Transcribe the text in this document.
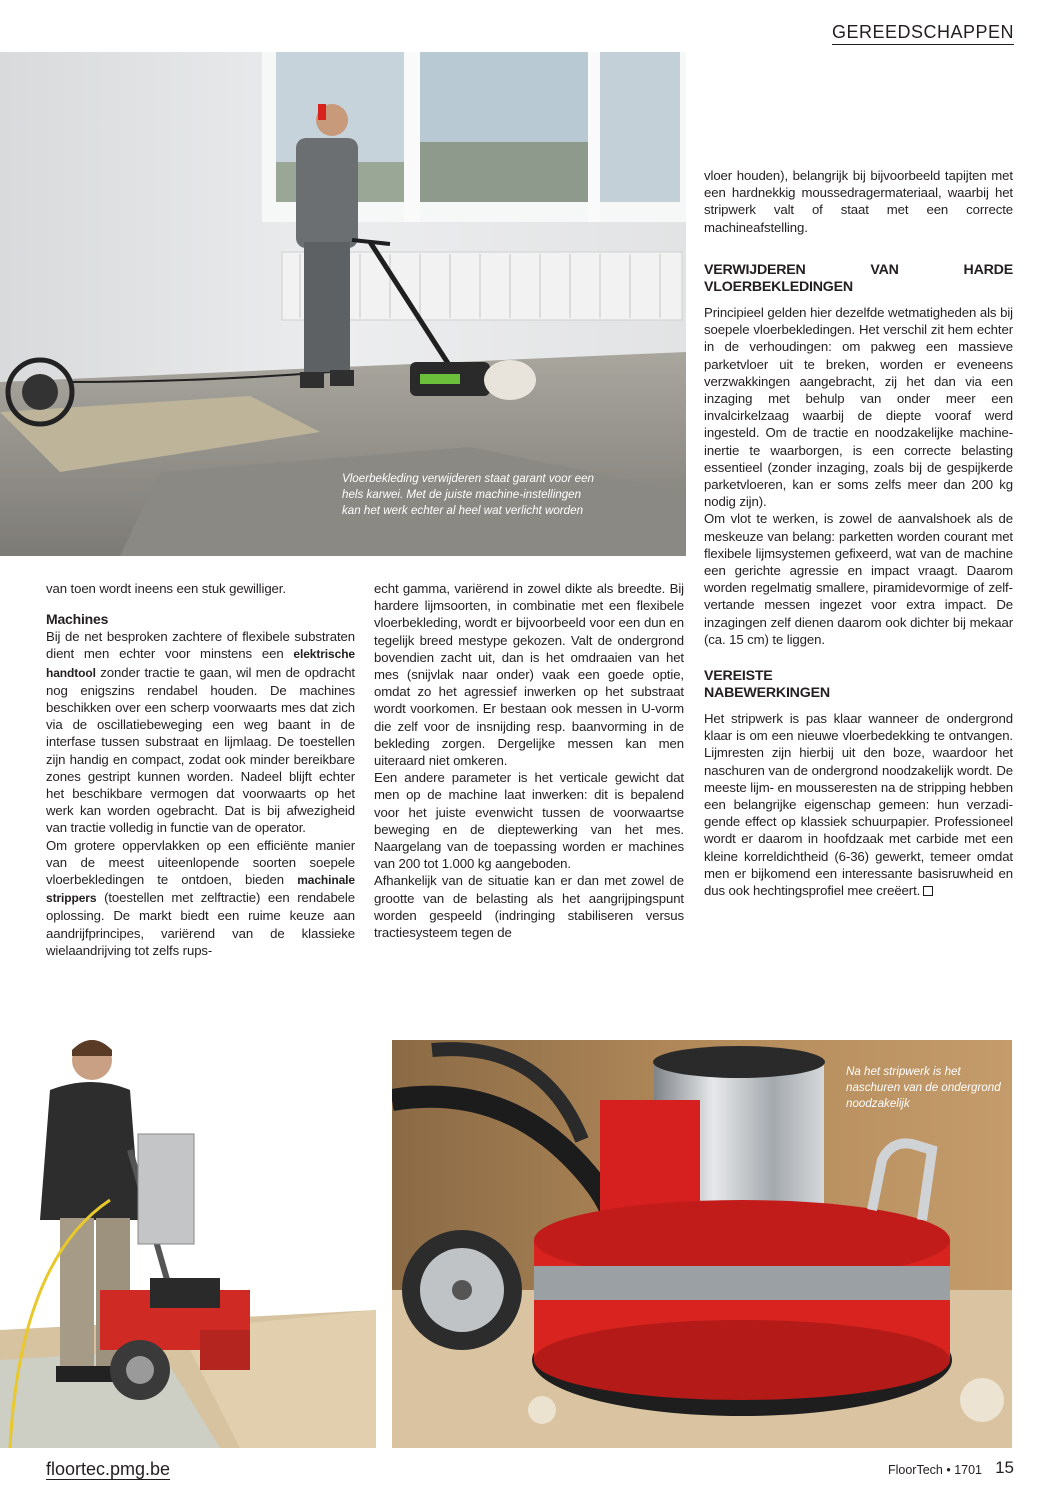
GEREEDSCHAPPEN
Vloerbekleding verwijderen staat garant voor een hels karwei. Met de juiste machine-instellingen kan het werk echter al heel wat verlicht worden

van toen wordt ineens een stuk gewilliger.

Machines

Bij de net besproken zachtere of flexibele substraten dient men echter voor minstens een elektrische handtool zonder tractie te gaan, wil men de opdracht nog enigszins rendabel houden. De machines beschikken over een scherp voorwaarts mes dat zich via de oscillatiebeweging een weg baant in de interfase tussen substraat en lijmlaag. De toestellen zijn handig en compact, zodat ook minder bereikbare zones gestript kunnen worden. Nadeel blijft echter het beschikbare vermogen dat voorwaarts op het werk kan worden ogebracht. Dat is bij afwezigheid van tractie volledig in functie van de operator.

Om grotere oppervlakken op een efficiënte manier van de meest uiteenlopende soorten soepele vloerbekledingen te ontdoen, bieden machinale strippers (toestellen met zelftractie) een rendabele oplossing. De markt biedt een ruime keuze aan aandrijfprincipes, variërend van de klassieke wielaandrijving tot zelfs rups-

echt gamma, variërend in zowel dikte als breedte. Bij hardere lijmsoorten, in combinatie met een flexibele vloerbekleding, wordt er bijvoorbeeld voor een dun en tegelijk breed mestype gekozen. Valt de ondergrond bovendien zacht uit, dan is het omdraaien van het mes (snijvlak naar onder) vaak een goede optie, omdat zo het agressief inwerken op het substraat wordt voorkomen. Er bestaan ook messen in U-vorm die zelf voor de insnijding resp. baanvorming in de bekleding zorgen. Dergelijke messen kan men uiteraard niet omkeren.

Een andere parameter is het verticale gewicht dat men op de machine laat inwerken: dit is bepalend voor het juiste evenwicht tussen de voorwaartse beweging en de dieptewerking van het mes. Naargelang van de toepassing worden er machines van 200 tot 1.000 kg aangeboden.

Afhankelijk van de situatie kan er dan met zowel de grootte van de belasting als het aangrijpingspunt worden gespeeld (indringing stabiliseren versus tractiesysteem tegen de

vloer houden), belangrijk bij bijvoorbeeld tapijten met een hardnekkig moussedragermateriaal, waarbij het stripwerk valt of staat met een correcte machineafstelling.

VERWIJDEREN VAN HARDE VLOERBEKLEDINGEN

Principieel gelden hier dezelfde wetmatigheden als bij soepele vloerbekledingen. Het verschil zit hem echter in de verhoudingen: om pakweg een massieve parketvloer uit te breken, worden er eveneens verzwakkingen aangebracht, zij het dan via een inzaging met behulp van onder meer een invalcirkelzaag waarbij de diepte vooraf werd ingesteld. Om de tractie en noodzakelijke machine-inertie te waarborgen, is een correcte belasting essentieel (zonder inzaging, zoals bij de gespijkerde parketvloeren, kan er soms zelfs meer dan 200 kg nodig zijn).

Om vlot te werken, is zowel de aanvalshoek als de meskeuze van belang: parketten worden courant met flexibele lijmsystemen gefixeerd, wat van de machine een gerichte agressie en impact vraagt. Daarom worden regelmatig smallere, piramidevormige of zelfvertande messen ingezet voor extra impact. De inzagingen zelf dienen daarom ook dichter bij mekaar (ca. 15 cm) te liggen.

VEREISTE NABEWERKINGEN

Het stripwerk is pas klaar wanneer de ondergrond klaar is om een nieuwe vloerbedekking te ontvangen. Lijmresten zijn hierbij uit den boze, waardoor het naschuren van de ondergrond noodzakelijk wordt. De meeste lijm- en mousseresten na de stripping hebben een belangrijke eigenschap gemeen: hun verzadigende effect op klassiek schuurpapier. Professioneel wordt er daarom in hoofdzaak met carbide met een kleine korreldichtheid (6-36) gewerkt, temeer omdat men er bijkomend een interessante basisruwheid en dus ook hechtingsprofiel mee creëert.

Na het stripwerk is het naschuren van de ondergrond noodzakelijk
floortec.pmg.be	FloorTech • 1701 15
